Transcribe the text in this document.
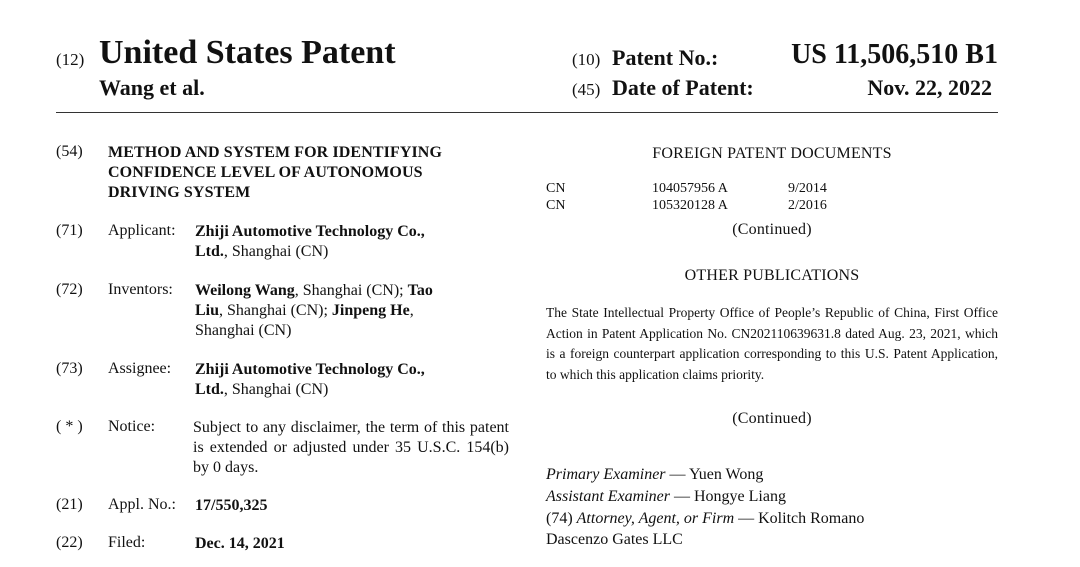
(12) United States Patent
Wang et al.
(10) Patent No.:	US 11,506,510 B1
(45) Date of Patent:	Nov. 22, 2022
(54) METHOD AND SYSTEM FOR IDENTIFYING
CONFIDENCE LEVEL OF AUTONOMOUS
DRIVING SYSTEM
(71) Applicant: Zhiji Automotive Technology Co.,
Ltd., Shanghai (CN)
(72) Inventors: Weilong Wang, Shanghai (CN); Tao
Liu, Shanghai (CN); Jinpeng He,
Shanghai (CN)
(73) Assignee: Zhiji Automotive Technology Co.,
Ltd., Shanghai (CN)
( * ) Notice: Subject to any disclaimer, the term of this patent is extended or adjusted under 35 U.S.C. 154(b) by 0 days.
(21) Appl. No.: 17/550,325
(22) Filed:	Dec. 14, 2021
FOREIGN PATENT DOCUMENTS
CN	104057956 A	9/2014
CN	105320128 A	2/2016
(Continued)
OTHER PUBLICATIONS
The State Intellectual Property Office of People’s Republic of China, First Office Action in Patent Application No. CN202110639631.8 dated Aug. 23, 2021, which is a foreign counterpart application corresponding to this U.S. Patent Application, to which this application claims priority.
(Continued)
Primary Examiner — Yuen Wong
Assistant Examiner — Hongye Liang
(74) Attorney, Agent, or Firm — Kolitch Romano
Dascenzo Gates LLC
